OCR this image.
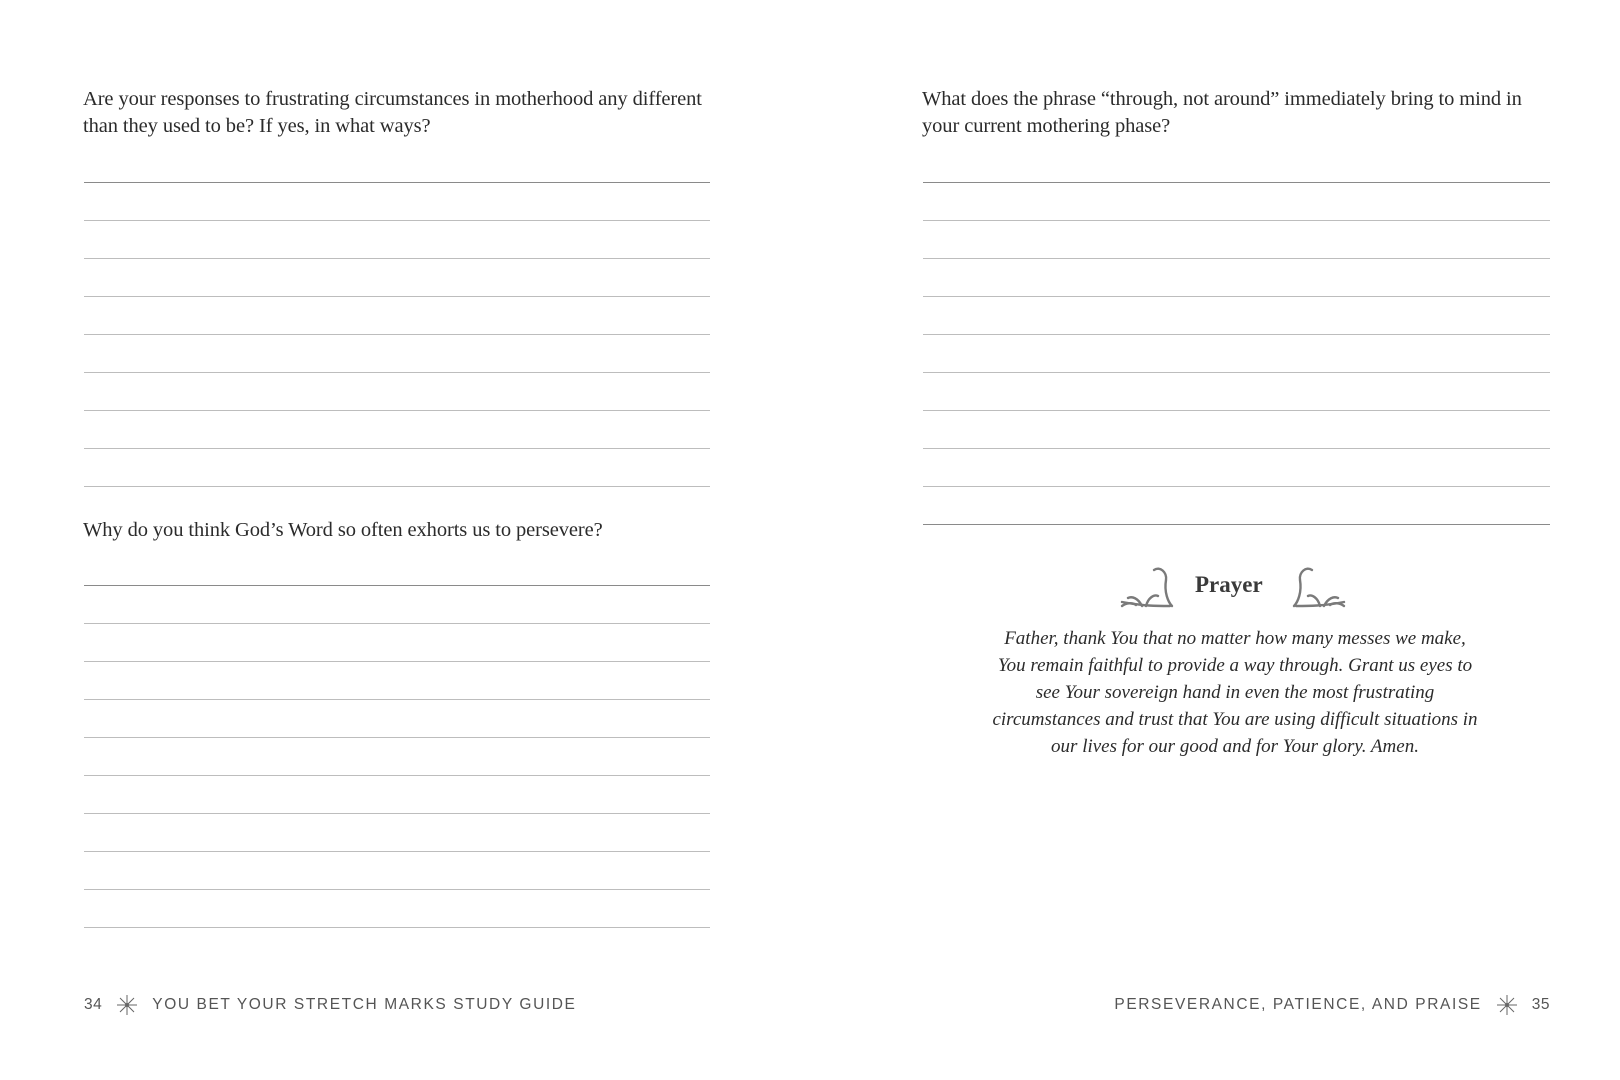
Are your responses to frustrating circumstances in motherhood any different than they used to be? If yes, in what ways?

Why do you think God’s Word so often exhorts us to persevere?

34	YOU BET YOUR STRETCH MARKS STUDY GUIDE

What does the phrase “through, not around” immediately bring to mind in your current mothering phase?

Prayer

Father, thank You that no matter how many messes we make, You remain faithful to provide a way through. Grant us eyes to see Your sovereign hand in even the most frustrating circumstances and trust that You are using difficult situations in our lives for our good and for Your glory. Amen.

PERSEVERANCE, PATIENCE, AND PRAISE	35
